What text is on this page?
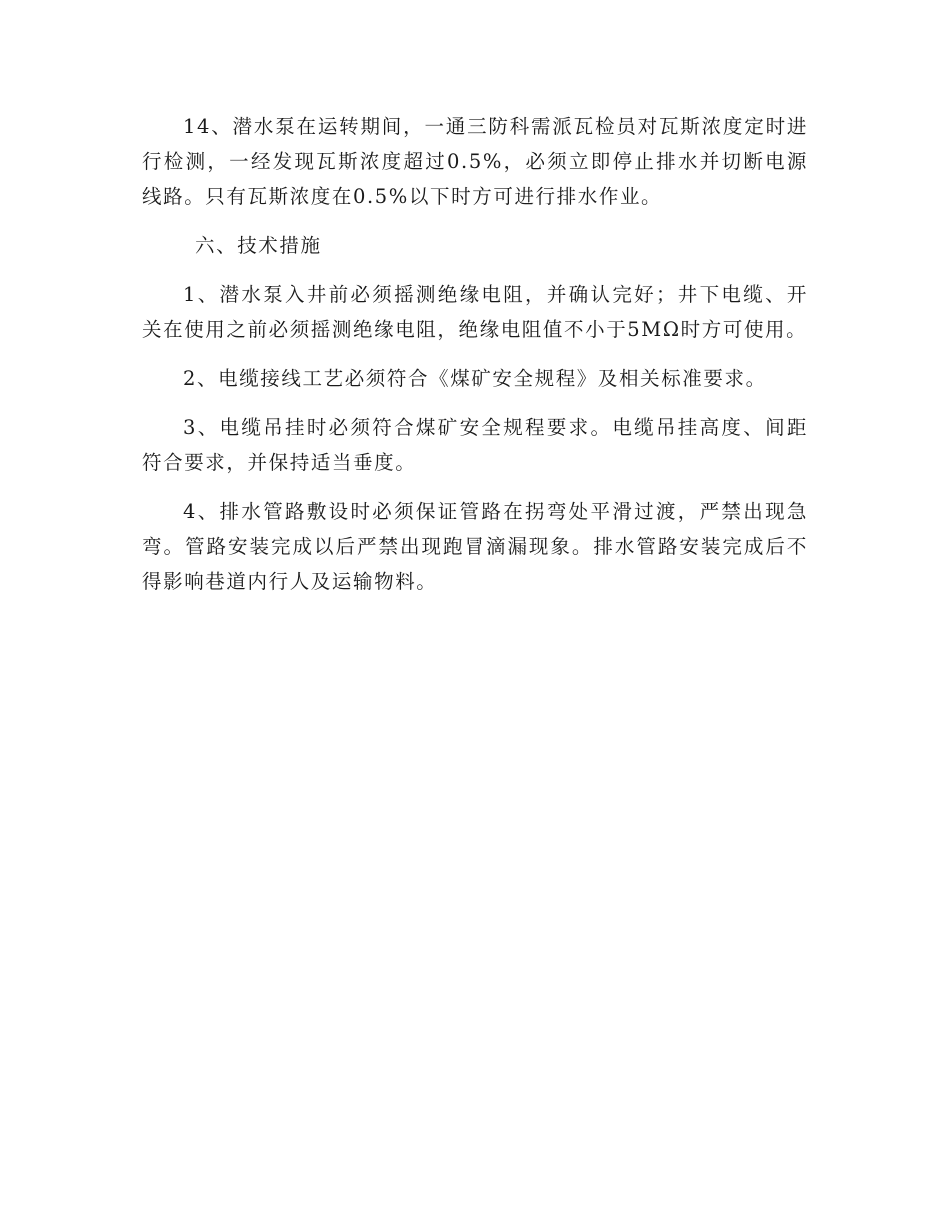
14、潜水泵在运转期间，一通三防科需派瓦检员对瓦斯浓度定时进行检测，一经发现瓦斯浓度超过0.5%，必须立即停止排水并切断电源线路。只有瓦斯浓度在0.5%以下时方可进行排水作业。

六、技术措施

1、潜水泵入井前必须摇测绝缘电阻，并确认完好；井下电缆、开关在使用之前必须摇测绝缘电阻，绝缘电阻值不小于5MΩ时方可使用。

2、电缆接线工艺必须符合《煤矿安全规程》及相关标准要求。

3、电缆吊挂时必须符合煤矿安全规程要求。电缆吊挂高度、间距符合要求，并保持适当垂度。

4、排水管路敷设时必须保证管路在拐弯处平滑过渡，严禁出现急弯。管路安装完成以后严禁出现跑冒滴漏现象。排水管路安装完成后不得影响巷道内行人及运输物料。
